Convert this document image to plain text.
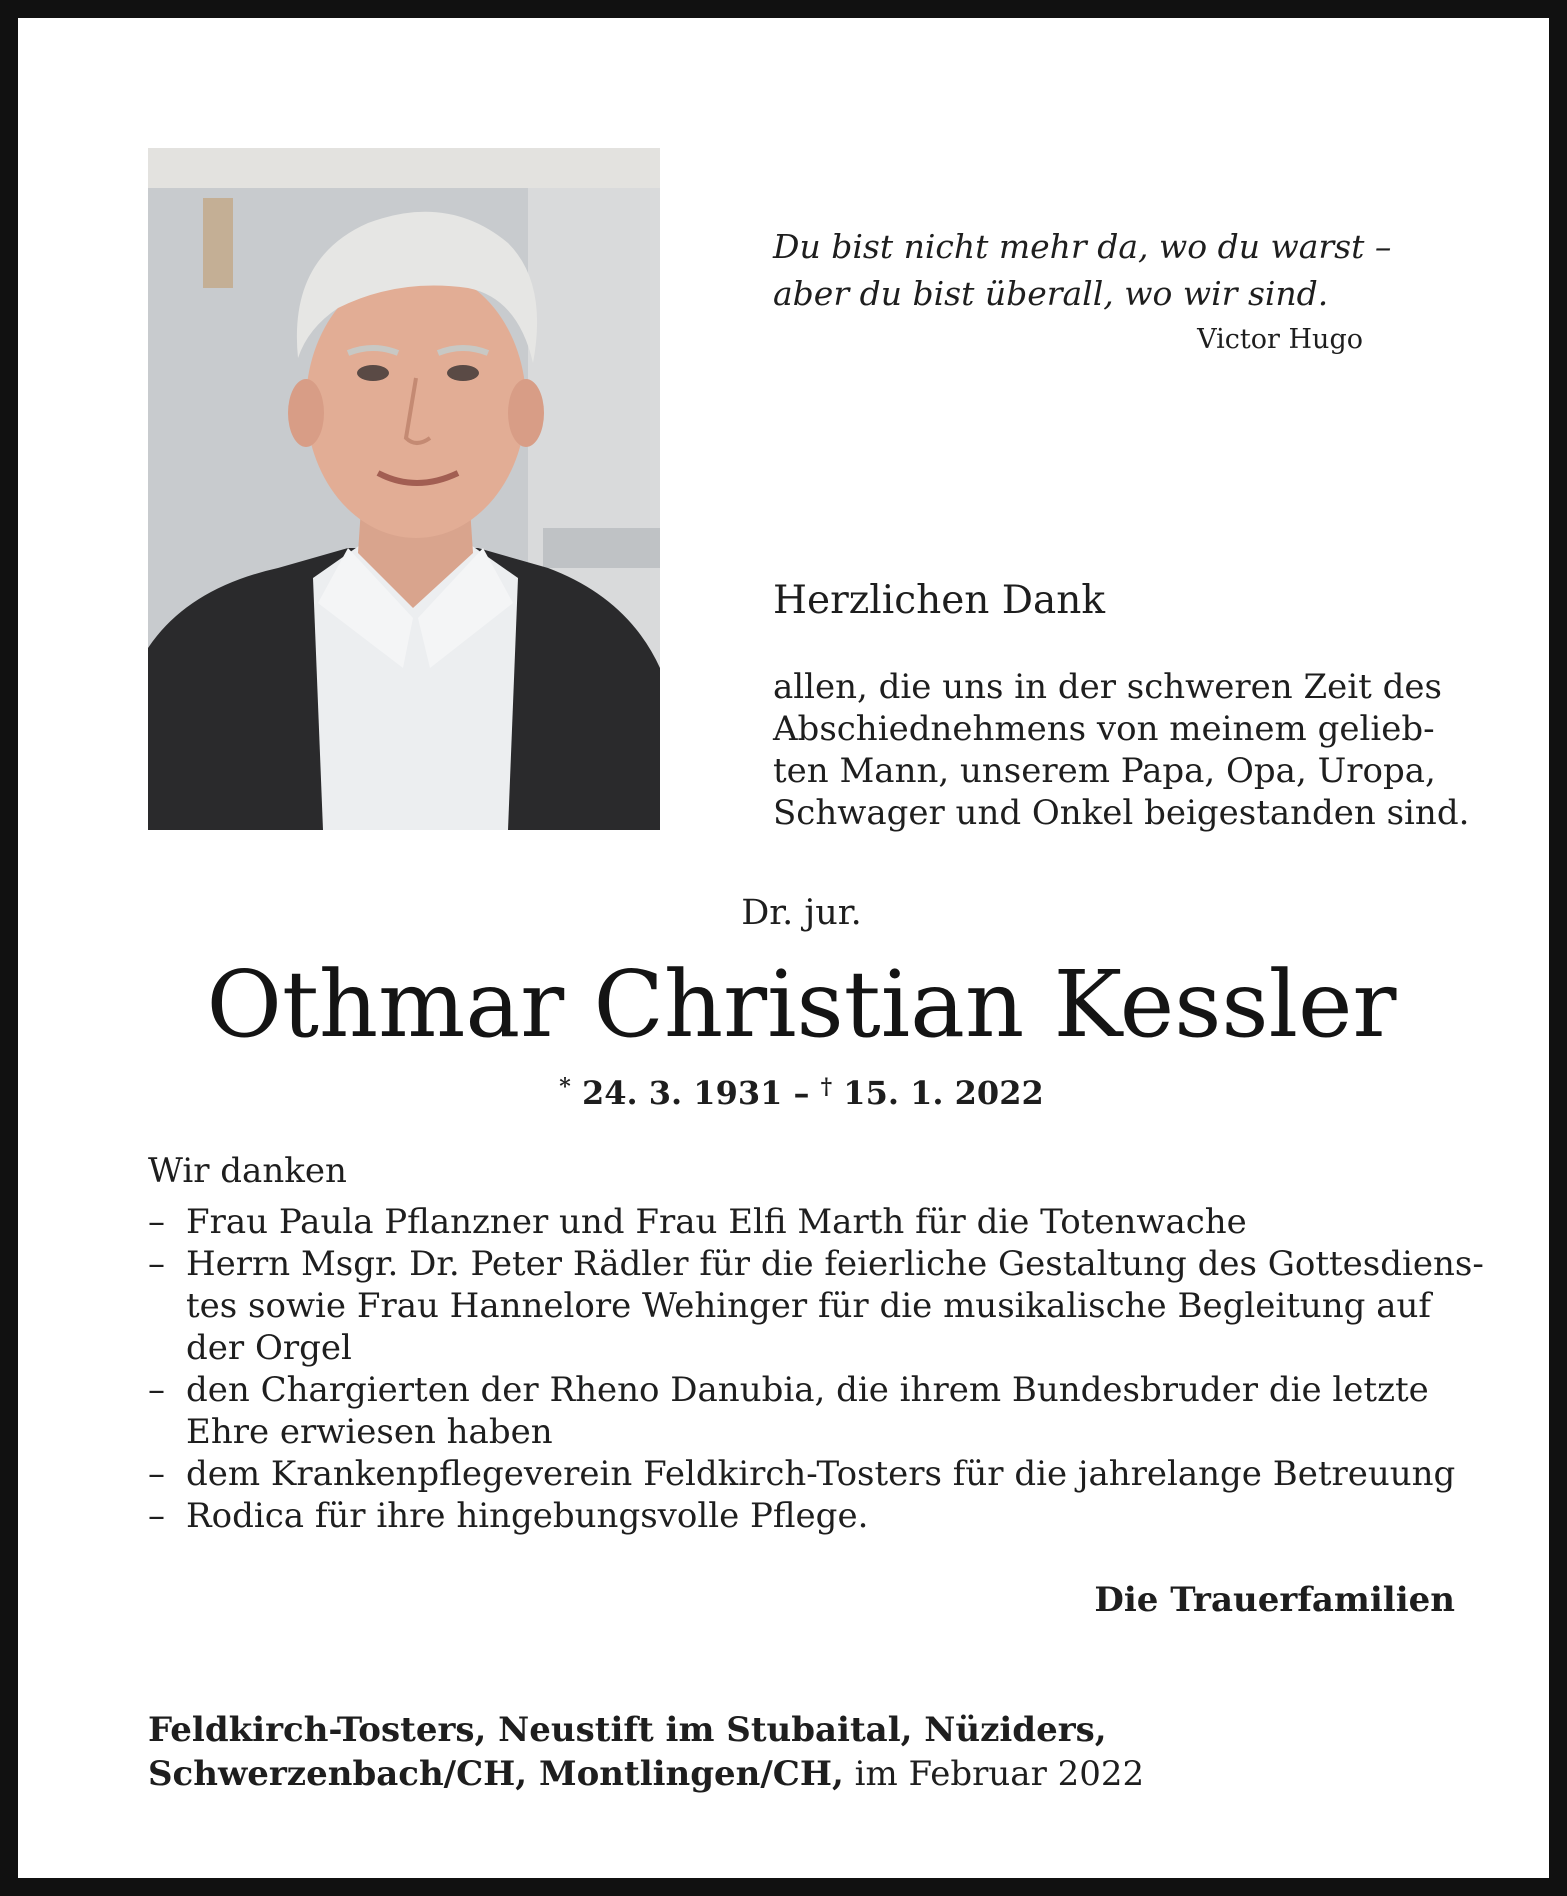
Du bist nicht mehr da, wo du warst –
aber du bist überall, wo wir sind.
Victor Hugo
Herzlichen Dank
allen, die uns in der schweren Zeit des
Abschiednehmens von meinem gelieb-
ten Mann, unserem Papa, Opa, Uropa,
Schwager und Onkel beigestanden sind.
Dr. jur.
Othmar Christian Kessler
* 24. 3. 1931 – † 15. 1. 2022
Wir danken
– Frau Paula Pflanzner und Frau Elfi Marth für die Totenwache
– Herrn Msgr. Dr. Peter Rädler für die feierliche Gestaltung des Gottesdiens-
tes sowie Frau Hannelore Wehinger für die musikalische Begleitung auf
der Orgel
– den Chargierten der Rheno Danubia, die ihrem Bundesbruder die letzte
Ehre erwiesen haben
– dem Krankenpflegeverein Feldkirch-Tosters für die jahrelange Betreuung
– Rodica für ihre hingebungsvolle Pflege.
Die Trauerfamilien
Feldkirch-Tosters, Neustift im Stubaital, Nüziders,
Schwerzenbach/CH, Montlingen/CH, im Februar 2022
